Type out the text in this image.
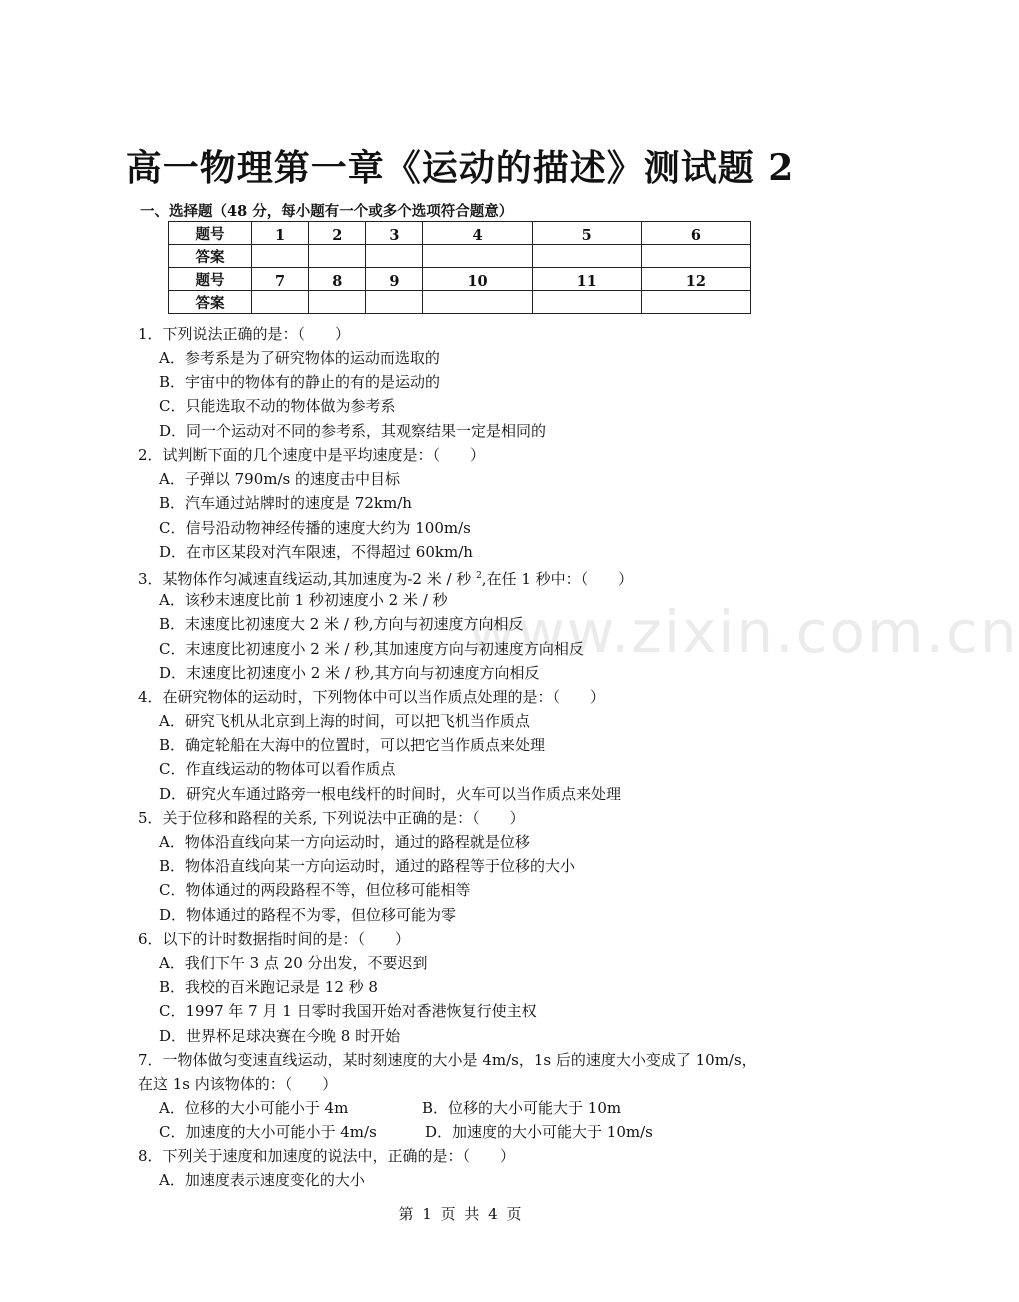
高一物理第一章《运动的描述》测试题 2
一、选择题（48 分，每小题有一个或多个选项符合题意）
题号	1	2	3	4	5	6
答案						
题号	7	8	9	10	11	12
答案						
1．下列说法正确的是：（　　）
A．参考系是为了研究物体的运动而选取的
B．宇宙中的物体有的静止的有的是运动的
C．只能选取不动的物体做为参考系
D．同一个运动对不同的参考系，其观察结果一定是相同的
2．试判断下面的几个速度中是平均速度是：（　　）
A．子弹以 790m/s 的速度击中目标
B．汽车通过站牌时的速度是 72km/h
C．信号沿动物神经传播的速度大约为 100m/s
D．在市区某段对汽车限速，不得超过 60km/h
3．某物体作匀减速直线运动,其加速度为-2 米 / 秒 $^2$,在任 1 秒中：（　　）
A．该秒末速度比前 1 秒初速度小 2 米 / 秒
B．末速度比初速度大 2 米 / 秒,方向与初速度方向相反
C．末速度比初速度小 2 米 / 秒,其加速度方向与初速度方向相反
D．末速度比初速度小 2 米 / 秒,其方向与初速度方向相反
4．在研究物体的运动时，下列物体中可以当作质点处理的是：（　　）
A．研究飞机从北京到上海的时间，可以把飞机当作质点
B．确定轮船在大海中的位置时，可以把它当作质点来处理
C．作直线运动的物体可以看作质点
D．研究火车通过路旁一根电线杆的时间时，火车可以当作质点来处理
5．关于位移和路程的关系, 下列说法中正确的是：（　　）
A．物体沿直线向某一方向运动时，通过的路程就是位移
B．物体沿直线向某一方向运动时，通过的路程等于位移的大小
C．物体通过的两段路程不等，但位移可能相等
D．物体通过的路程不为零，但位移可能为零
6．以下的计时数据指时间的是：（　　）
A．我们下午 3 点 20 分出发，不要迟到
B．我校的百米跑记录是 12 秒 8
C．1997 年 7 月 1 日零时我国开始对香港恢复行使主权
D．世界杯足球决赛在今晚 8 时开始
7．一物体做匀变速直线运动，某时刻速度的大小是 4m/s，1s 后的速度大小变成了 10m/s，
在这 1s 内该物体的：（　　）
A．位移的大小可能小于 4m	B．位移的大小可能大于 10m
C．加速度的大小可能小于 4m/s	D．加速度的大小可能大于 10m/s
8．下列关于速度和加速度的说法中，正确的是：（　　）
A．加速度表示速度变化的大小
www.zixin.com.cn
第 1 页 共 4 页
